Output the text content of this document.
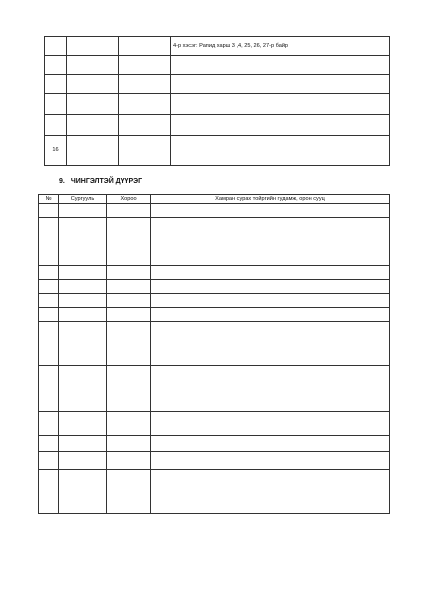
			4-р хэсэг: Рапид харш 3 ,4, 25, 26, 27-р байр

16			
9. ЧИНГЭЛТЭЙ ДҮҮРЭГ
№	Сургууль	Хороо	Хамран сурах тойргийн гудамж, орон сууц
